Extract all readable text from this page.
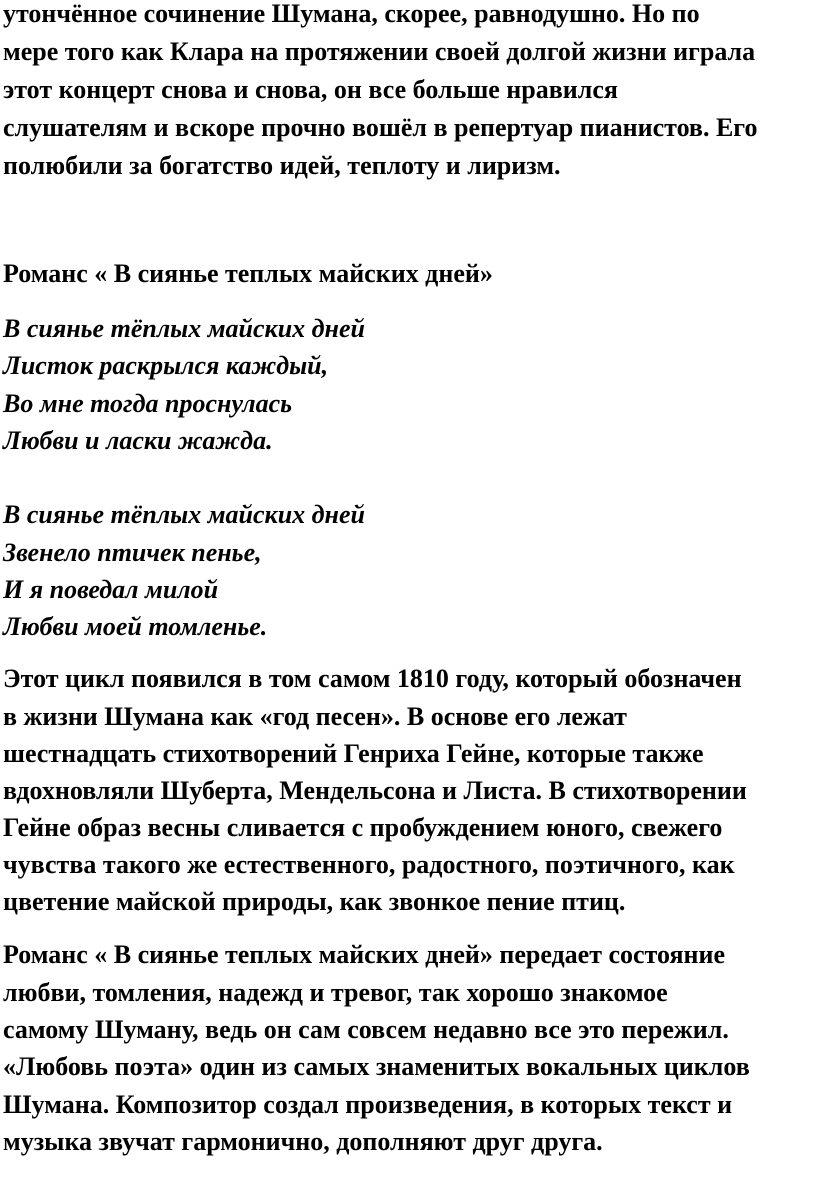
утончённое сочинение Шумана, скорее, равнодушно. Но по
мере того как Клара на протяжении своей долгой жизни играла
этот концерт снова и снова, он все больше нравился
слушателям и вскоре прочно вошёл в репертуар пианистов. Его
полюбили за богатство идей, теплоту и лиризм.
Романс « В сиянье теплых майских дней»
В сиянье тёплых майских дней
Листок раскрылся каждый,
Во мне тогда проснулась
Любви и ласки жажда.
В сиянье тёплых майских дней
Звенело птичек пенье,
И я поведал милой
Любви моей томленье.
Этот цикл появился в том самом 1810 году, который обозначен
в жизни Шумана как «год песен». В основе его лежат
шестнадцать стихотворений Генриха Гейне, которые также
вдохновляли Шуберта, Мендельсона и Листа. В стихотворении
Гейне образ весны сливается с пробуждением юного, свежего
чувства такого же естественного, радостного, поэтичного, как
цветение майской природы, как звонкое пение птиц.
Романс « В сиянье теплых майских дней» передает состояние
любви, томления, надежд и тревог, так хорошо знакомое
самому Шуману, ведь он сам совсем недавно все это пережил.
«Любовь поэта» один из самых знаменитых вокальных циклов
Шумана. Композитор создал произведения, в которых текст и
музыка звучат гармонично, дополняют друг друга.
